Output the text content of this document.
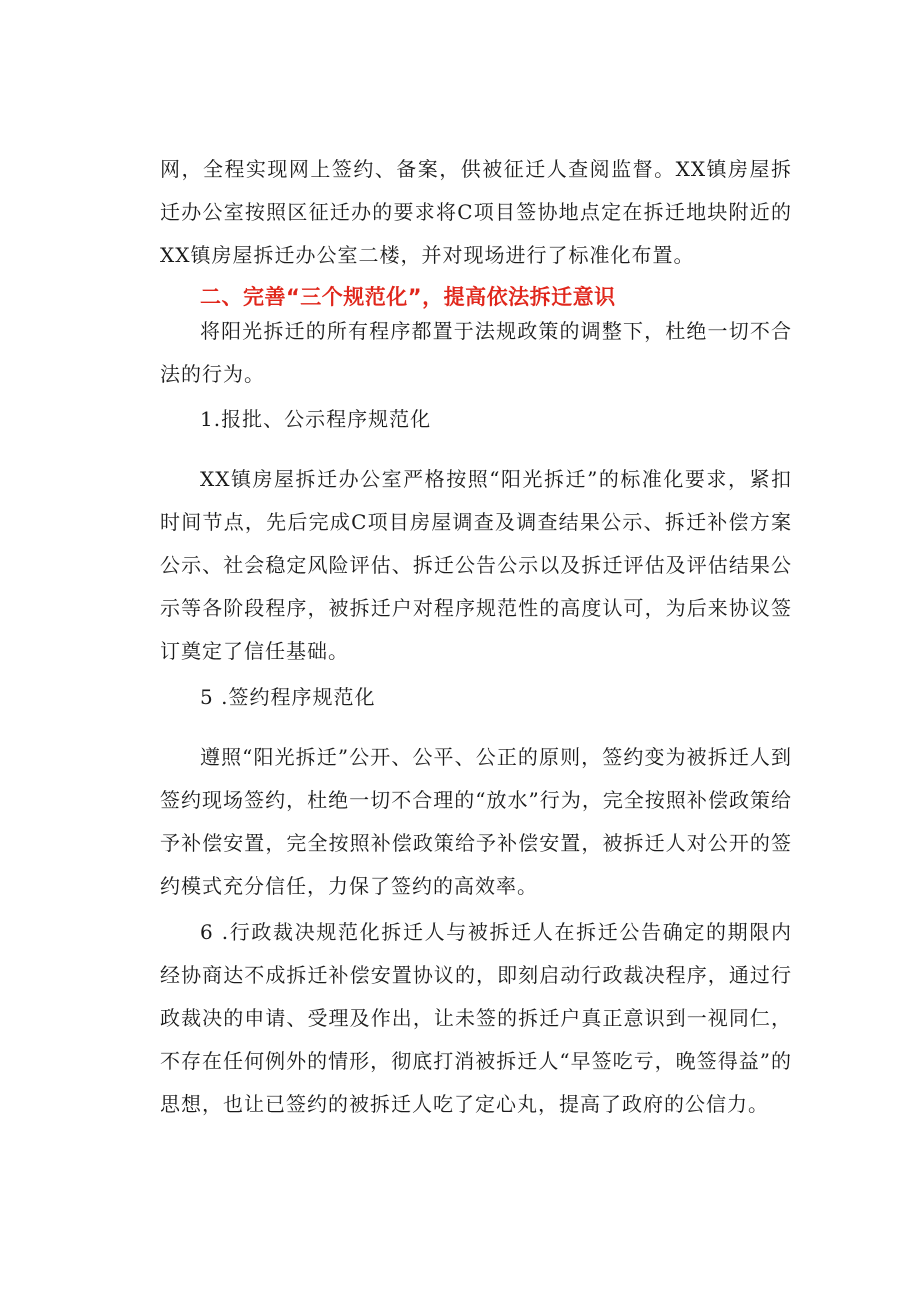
网，全程实现网上签约、备案，供被征迁人查阅监督。XX镇房屋拆迁办公室按照区征迁办的要求将C项目签协地点定在拆迁地块附近的XX镇房屋拆迁办公室二楼，并对现场进行了标准化布置。

二、完善“三个规范化”，提高依法拆迁意识

将阳光拆迁的所有程序都置于法规政策的调整下，杜绝一切不合法的行为。

1.报批、公示程序规范化

XX镇房屋拆迁办公室严格按照“阳光拆迁”的标准化要求，紧扣时间节点，先后完成C项目房屋调查及调查结果公示、拆迁补偿方案公示、社会稳定风险评估、拆迁公告公示以及拆迁评估及评估结果公示等各阶段程序，被拆迁户对程序规范性的高度认可，为后来协议签订奠定了信任基础。

5 .签约程序规范化

遵照“阳光拆迁”公开、公平、公正的原则，签约变为被拆迁人到签约现场签约，杜绝一切不合理的“放水”行为，完全按照补偿政策给予补偿安置，完全按照补偿政策给予补偿安置，被拆迁人对公开的签约模式充分信任，力保了签约的高效率。

6 .行政裁决规范化拆迁人与被拆迁人在拆迁公告确定的期限内经协商达不成拆迁补偿安置协议的，即刻启动行政裁决程序，通过行政裁决的申请、受理及作出，让未签的拆迁户真正意识到一视同仁，不存在任何例外的情形，彻底打消被拆迁人“早签吃亏，晚签得益”的思想，也让已签约的被拆迁人吃了定心丸，提高了政府的公信力。
